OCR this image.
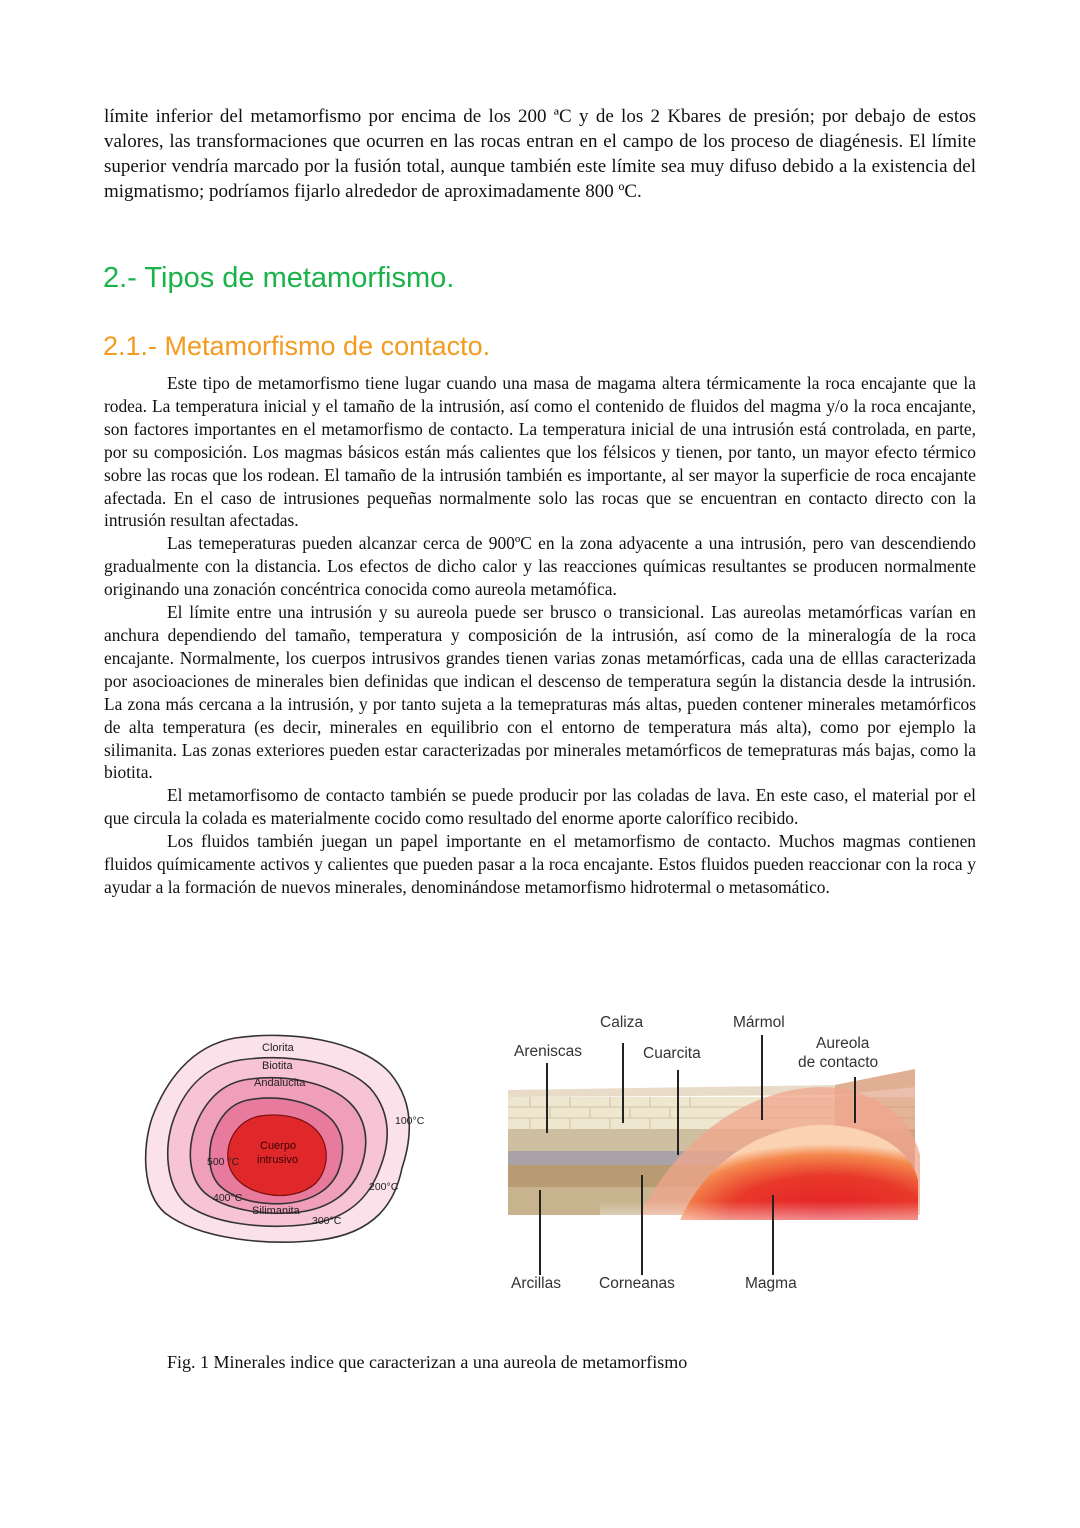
límite inferior del metamorfismo por encima de los 200 ªC y de los 2 Kbares de presión; por debajo de estos valores, las transformaciones que ocurren en las rocas entran en el campo de los proceso de diagénesis. El límite superior vendría marcado por la fusión total, aunque también este límite sea muy difuso debido a la existencia del migmatismo; podríamos fijarlo alrededor de aproximadamente 800 ºC.
2.- Tipos de metamorfismo.
2.1.- Metamorfismo de contacto.

Este tipo de metamorfismo tiene lugar cuando una masa de magama altera térmicamente la roca encajante que la rodea. La temperatura inicial y el tamaño de la intrusión, así como el contenido de fluidos del magma y/o la roca encajante, son factores importantes en el metamorfismo de contacto. La temperatura inicial de una intrusión está controlada, en parte, por su composición. Los magmas básicos están más calientes que los félsicos y tienen, por tanto, un mayor efecto térmico sobre las rocas que los rodean. El tamaño de la intrusión también es importante, al ser mayor la superficie de roca encajante afectada. En el caso de intrusiones pequeñas normalmente solo las rocas que se encuentran en contacto directo con la intrusión resultan afectadas.

Las temeperaturas pueden alcanzar cerca de 900ºC en la zona adyacente a una intrusión, pero van descendiendo gradualmente con la distancia. Los efectos de dicho calor y las reacciones químicas resultantes se producen normalmente originando una zonación concéntrica conocida como aureola metamófica.

El límite entre una intrusión y su aureola puede ser brusco o transicional. Las aureolas metamórficas varían en anchura dependiendo del tamaño, temperatura y composición de la intrusión, así como de la mineralogía de la roca encajante. Normalmente, los cuerpos intrusivos grandes tienen varias zonas metamórficas, cada una de elllas caracterizada por asocioaciones de minerales bien definidas que indican el descenso de temperatura según la distancia desde la intrusión. La zona más cercana a la intrusión, y por tanto sujeta a la temepraturas más altas, pueden contener minerales metamórficos de alta temperatura (es decir, minerales en equilibrio con el entorno de temperatura más alta), como por ejemplo la silimanita. Las zonas exteriores pueden estar caracterizadas por minerales metamórficos de temepraturas más bajas, como la biotita.

El metamorfisomo de contacto también se puede producir por las coladas de lava. En este caso, el material por el que circula la colada es materialmente cocido como resultado del enorme aporte calorífico recibido.

Los fluidos también juegan un papel importante en el metamorfismo de contacto. Muchos magmas contienen fluidos químicamente activos y calientes que pueden pasar a la roca encajante. Estos fluidos pueden reaccionar con la roca y ayudar a la formación de nuevos minerales, denominándose metamorfismo hidrotermal o metasomático.

Clorita
Biotita
Andalucita
Cuerpo
intrusivo
Silimanita
100°C
200°C
300°C
400°C
500 °C
Caliza	Mármol
Areniscas	Cuarcita
Aureola
de contacto
Arcillas Corneanas	Magma
Fig. 1 Minerales indice que caracterizan a una aureola de metamorfismo
